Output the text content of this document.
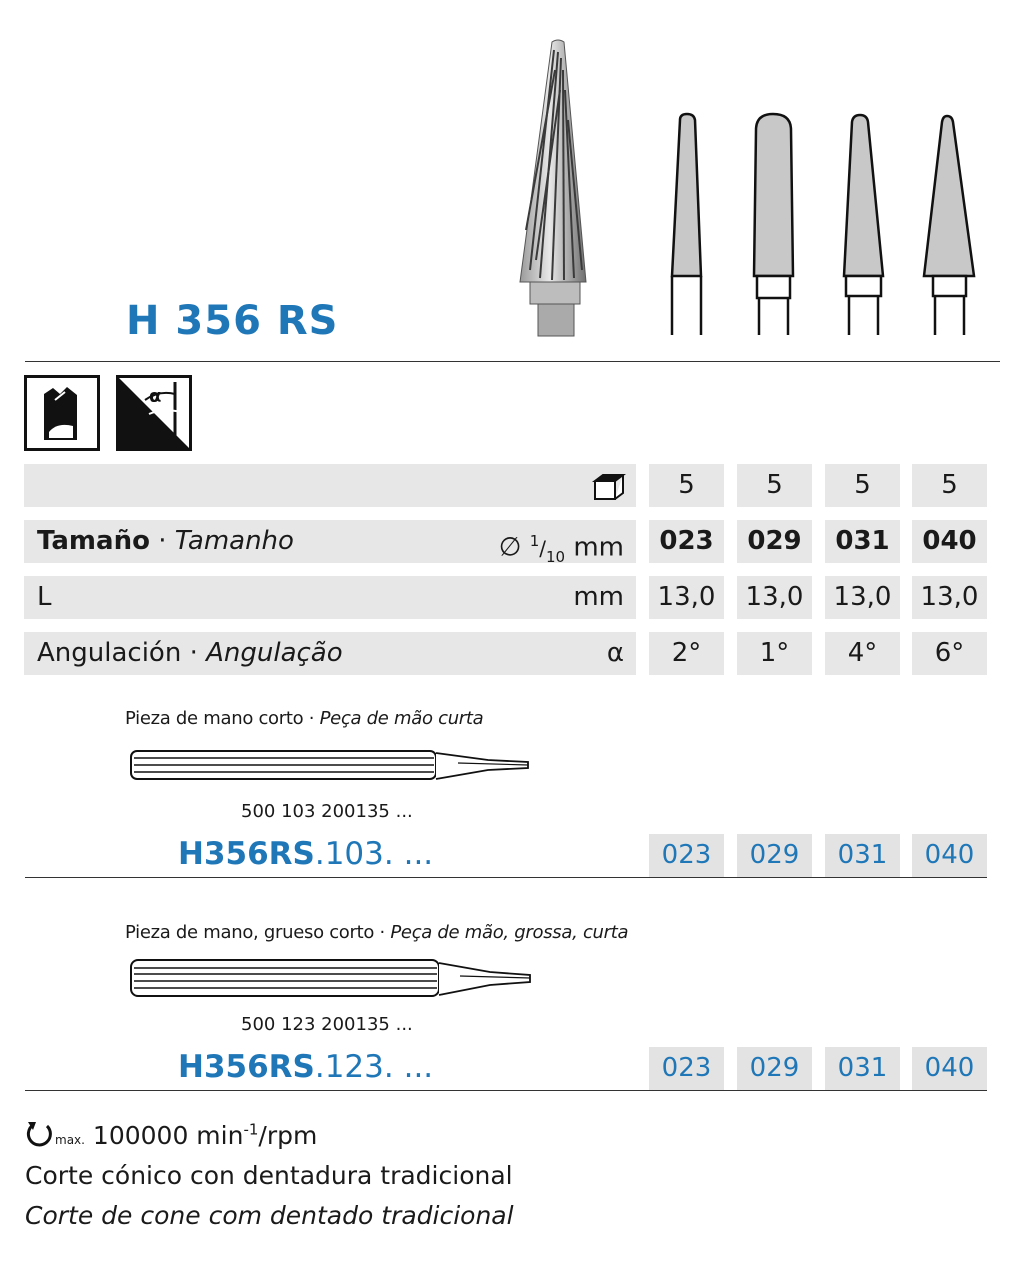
H 356 RS
α
5	5	5	5
Tamaño · Tamanho	∅ $^1/_{10}$ mm	023	029	031	040
L	mm	13,0	13,0	13,0	13,0
Angulación · Angulação	α	2°	1°	4°	6°
Pieza de mano corto · Peça de mão curta
500 103 200135 ...
H356RS.103. ...	023	029	031	040
Pieza de mano, grueso corto · Peça de mão, grossa, curta
500 123 200135 ...
H356RS.123. ...	023	029	031	040
max. 100000 $\min^{-1}$/rpm
Corte cónico con dentadura tradicional
Corte de cone com dentado tradicional
